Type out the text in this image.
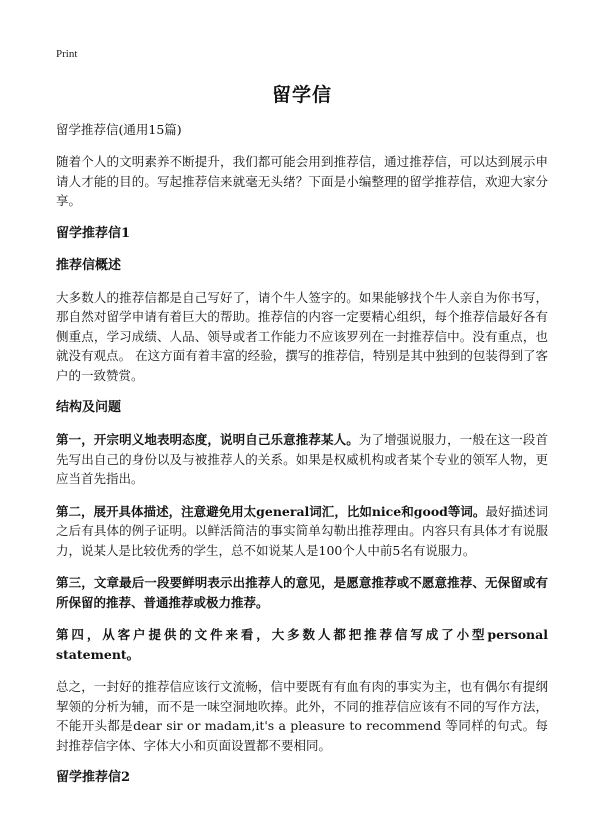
Print
留学信
留学推荐信(通用15篇)

随着个人的文明素养不断提升，我们都可能会用到推荐信，通过推荐信，可以达到展示申请人才能的目的。写起推荐信来就毫无头绪？下面是小编整理的留学推荐信，欢迎大家分享。

留学推荐信1
推荐信概述

大多数人的推荐信都是自己写好了，请个牛人签字的。如果能够找个牛人亲自为你书写，那自然对留学申请有着巨大的帮助。推荐信的内容一定要精心组织，每个推荐信最好各有侧重点，学习成绩、人品、领导或者工作能力不应该罗列在一封推荐信中。没有重点，也就没有观点。 在这方面有着丰富的经验，撰写的推荐信，特别是其中独到的包装得到了客户的一致赞赏。

结构及问题

第一，开宗明义地表明态度，说明自己乐意推荐某人。为了增强说服力，一般在这一段首先写出自己的身份以及与被推荐人的关系。如果是权威机构或者某个专业的领军人物，更应当首先指出。

第二，展开具体描述，注意避免用太general词汇，比如nice和good等词。最好描述词之后有具体的例子证明。以鲜活简洁的事实简单勾勒出推荐理由。内容只有具体才有说服力，说某人是比较优秀的学生，总不如说某人是100个人中前5名有说服力。

第三，文章最后一段要鲜明表示出推荐人的意见，是愿意推荐或不愿意推荐、无保留或有所保留的推荐、普通推荐或极力推荐。

第四，从客户提供的文件来看，大多数人都把推荐信写成了小型personal statement。

总之，一封好的推荐信应该行文流畅，信中要既有有血有肉的事实为主，也有偶尔有提纲挈领的分析为辅，而不是一味空洞地吹捧。此外，不同的推荐信应该有不同的写作方法，不能开头都是dear sir or madam,it's a pleasure to recommend 等同样的句式。每封推荐信字体、字体大小和页面设置都不要相同。

留学推荐信2
